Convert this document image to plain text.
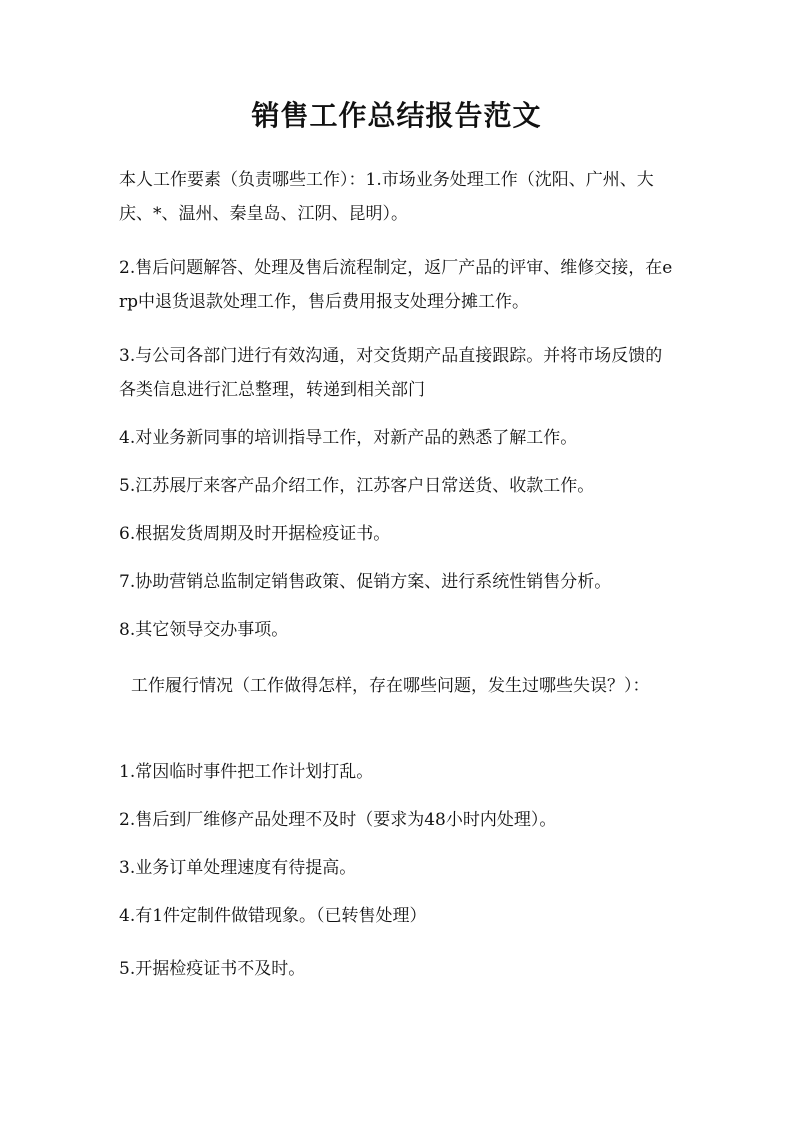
销售工作总结报告范文

本人工作要素（负责哪些工作）：1.市场业务处理工作（沈阳、广州、大庆、*、温州、秦皇岛、江阴、昆明）。

2.售后问题解答、处理及售后流程制定，返厂产品的评审、维修交接，在erp中退货退款处理工作，售后费用报支处理分摊工作。

3.与公司各部门进行有效沟通，对交货期产品直接跟踪。并将市场反馈的各类信息进行汇总整理，转递到相关部门

4.对业务新同事的培训指导工作，对新产品的熟悉了解工作。

5.江苏展厅来客产品介绍工作，江苏客户日常送货、收款工作。

6.根据发货周期及时开据检疫证书。

7.协助营销总监制定销售政策、促销方案、进行系统性销售分析。

8.其它领导交办事项。

工作履行情况（工作做得怎样，存在哪些问题，发生过哪些失误？）：

1.常因临时事件把工作计划打乱。

2.售后到厂维修产品处理不及时（要求为48小时内处理）。

3.业务订单处理速度有待提高。

4.有1件定制件做错现象。（已转售处理）

5.开据检疫证书不及时。
